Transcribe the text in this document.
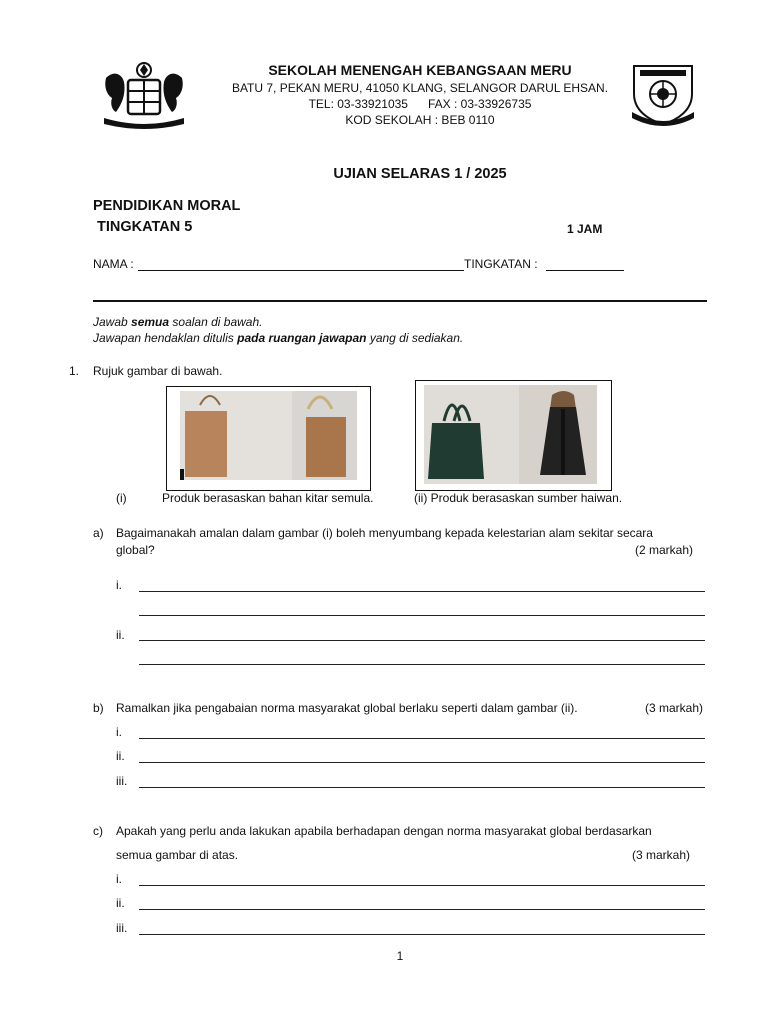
SEKOLAH MENENGAH KEBANGSAAN MERU
BATU 7, PEKAN MERU, 41050 KLANG, SELANGOR DARUL EHSAN.
TEL: 03-33921035 FAX : 03-33926735
KOD SEKOLAH : BEB 0110
UJIAN SELARAS 1 / 2025
PENDIDIKAN MORAL
TINGKATAN 5	1 JAM
NAMA :	TINGKATAN :
Jawab semua soalan di bawah.
Jawapan hendaklan ditulis pada ruangan jawapan yang di sediakan.
1. Rujuk gambar di bawah.
(i)	Produk berasaskan bahan kitar semula.	(ii) Produk berasaskan sumber haiwan.
a) Bagaimanakah amalan dalam gambar (i) boleh menyumbang kepada kelestarian alam sekitar secara
global?	(2 markah)
i.
ii.
b) Ramalkan jika pengabaian norma masyarakat global berlaku seperti dalam gambar (ii).	(3 markah)
i.
ii.
iii.
c) Apakah yang perlu anda lakukan apabila berhadapan dengan norma masyarakat global berdasarkan
semua gambar di atas.	(3 markah)
i.
ii.
iii.
1
